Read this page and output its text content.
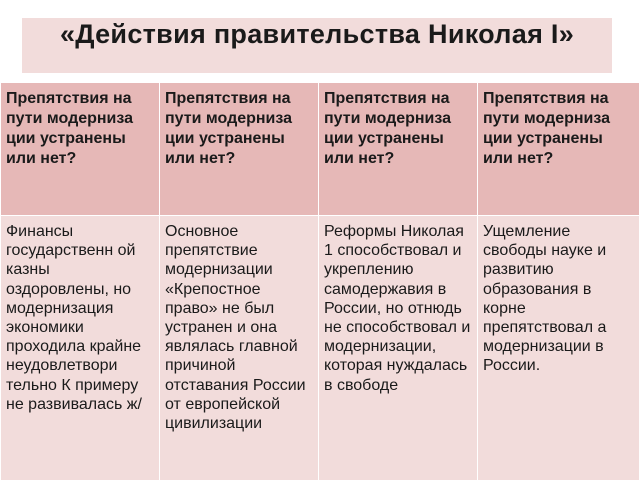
«Действия правительства Николая I»
Препятствия на пути модерниза ции устранены или нет?
Препятствия на пути модерниза ции устранены или нет?
Препятствия на пути модерниза ции устранены или нет?
Препятствия на пути модерниза ции устранены или нет?
Финансы государственн ой казны оздоровлены, но модернизация экономики проходила крайне неудовлетвори тельно К примеру не развивалась ж/
Основное препятствие модернизации «Крепостное право» не был устранен и она являлась главной причиной отставания России от европейской цивилизации
Реформы Николая 1 способствовал и укреплению самодержавия в России, но отнюдь не способствовал и модернизации, которая нуждалась в свободе
Ущемление свободы науке и развитию образования в корне препятствовал а модернизации в России.
